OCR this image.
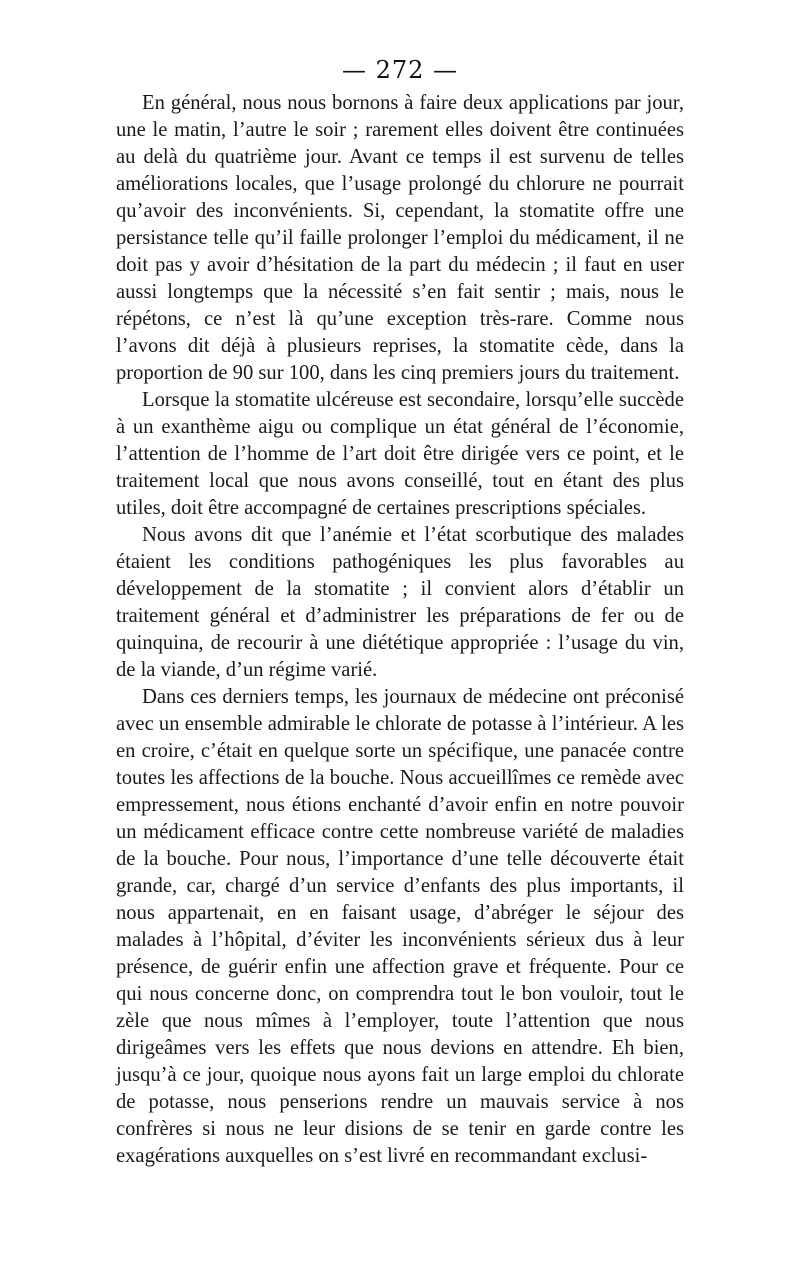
— 272 —

En général, nous nous bornons à faire deux applications par jour, une le matin, l’autre le soir ; rarement elles doivent être continuées au delà du quatrième jour. Avant ce temps il est survenu de telles améliorations locales, que l’usage prolongé du chlorure ne pourrait qu’avoir des inconvénients. Si, cependant, la stomatite offre une persistance telle qu’il faille prolonger l’emploi du médicament, il ne doit pas y avoir d’hésitation de la part du médecin ; il faut en user aussi longtemps que la nécessité s’en fait sentir ; mais, nous le répétons, ce n’est là qu’une exception très-rare. Comme nous l’avons dit déjà à plusieurs reprises, la stomatite cède, dans la proportion de 90 sur 100, dans les cinq premiers jours du traitement.

Lorsque la stomatite ulcéreuse est secondaire, lorsqu’elle succède à un exanthème aigu ou complique un état général de l’économie, l’attention de l’homme de l’art doit être dirigée vers ce point, et le traitement local que nous avons conseillé, tout en étant des plus utiles, doit être accompagné de certaines prescriptions spéciales.

Nous avons dit que l’anémie et l’état scorbutique des malades étaient les conditions pathogéniques les plus favorables au développement de la stomatite ; il convient alors d’établir un traitement général et d’administrer les préparations de fer ou de quinquina, de recourir à une diététique appropriée : l’usage du vin, de la viande, d’un régime varié.

Dans ces derniers temps, les journaux de médecine ont préconisé avec un ensemble admirable le chlorate de potasse à l’intérieur. A les en croire, c’était en quelque sorte un spécifique, une panacée contre toutes les affections de la bouche. Nous accueillîmes ce remède avec empressement, nous étions enchanté d’avoir enfin en notre pouvoir un médicament efficace contre cette nombreuse variété de maladies de la bouche. Pour nous, l’importance d’une telle découverte était grande, car, chargé d’un service d’enfants des plus importants, il nous appartenait, en en faisant usage, d’abréger le séjour des malades à l’hôpital, d’éviter les inconvénients sérieux dus à leur présence, de guérir enfin une affection grave et fréquente. Pour ce qui nous concerne donc, on comprendra tout le bon vouloir, tout le zèle que nous mîmes à l’employer, toute l’attention que nous dirigeâmes vers les effets que nous devions en attendre. Eh bien, jusqu’à ce jour, quoique nous ayons fait un large emploi du chlorate de potasse, nous penserions rendre un mauvais service à nos confrères si nous ne leur disions de se tenir en garde contre les exagérations auxquelles on s’est livré en recommandant exclusi-
